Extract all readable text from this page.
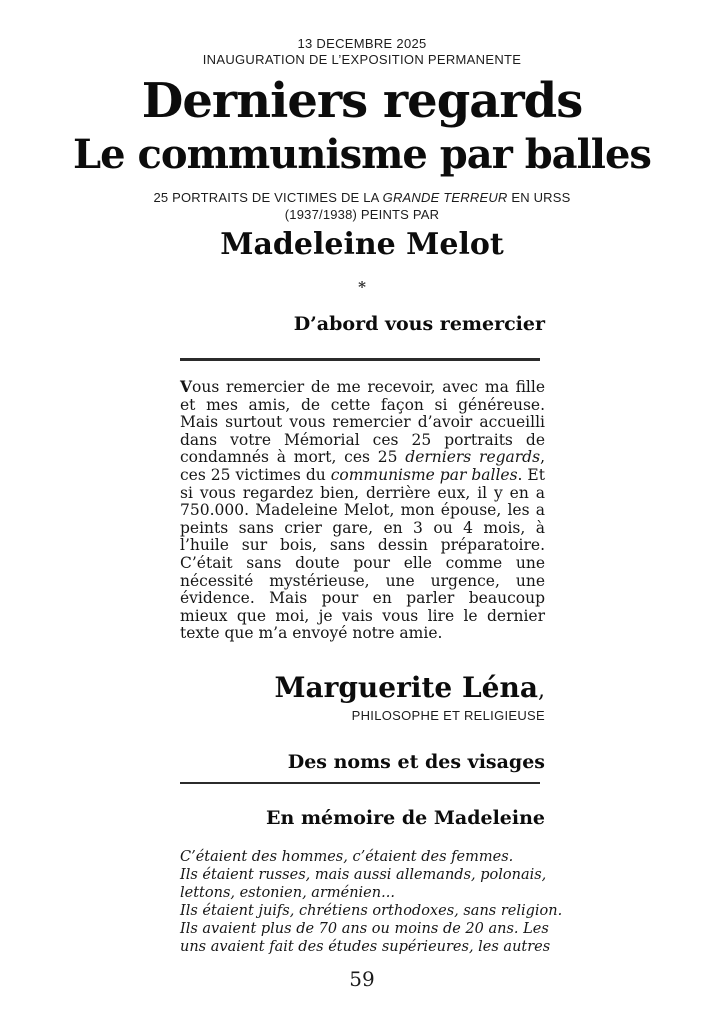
13 DECEMBRE 2025
INAUGURATION DE L’EXPOSITION PERMANENTE
Derniers regards
Le communisme par balles
25 PORTRAITS DE VICTIMES DE LA GRANDE TERREUR EN URSS
(1937/1938) PEINTS PAR
Madeleine Melot
*
D’abord vous remercier

Vous remercier de me recevoir, avec ma fille et mes amis, de cette façon si généreuse. Mais surtout vous remercier d’avoir accueilli dans votre Mémorial ces 25 portraits de condamnés à mort, ces 25 derniers regards, ces 25 victimes du communisme par balles. Et si vous regardez bien, derrière eux, il y en a 750.000. Madeleine Melot, mon épouse, les a peints sans crier gare, en 3 ou 4 mois, à l’huile sur bois, sans dessin préparatoire. C’était sans doute pour elle comme une nécessité mystérieuse, une urgence, une évidence. Mais pour en parler beaucoup mieux que moi, je vais vous lire le dernier texte que m’a envoyé notre amie.

Marguerite Léna,
PHILOSOPHE ET RELIGIEUSE
Des noms et des visages
En mémoire de Madeleine
C’étaient des hommes, c’étaient des femmes.
Ils étaient russes, mais aussi allemands, polonais,
lettons, estonien, arménien...
Ils étaient juifs, chrétiens orthodoxes, sans religion.
Ils avaient plus de 70 ans ou moins de 20 ans. Les
uns avaient fait des études supérieures, les autres
59
